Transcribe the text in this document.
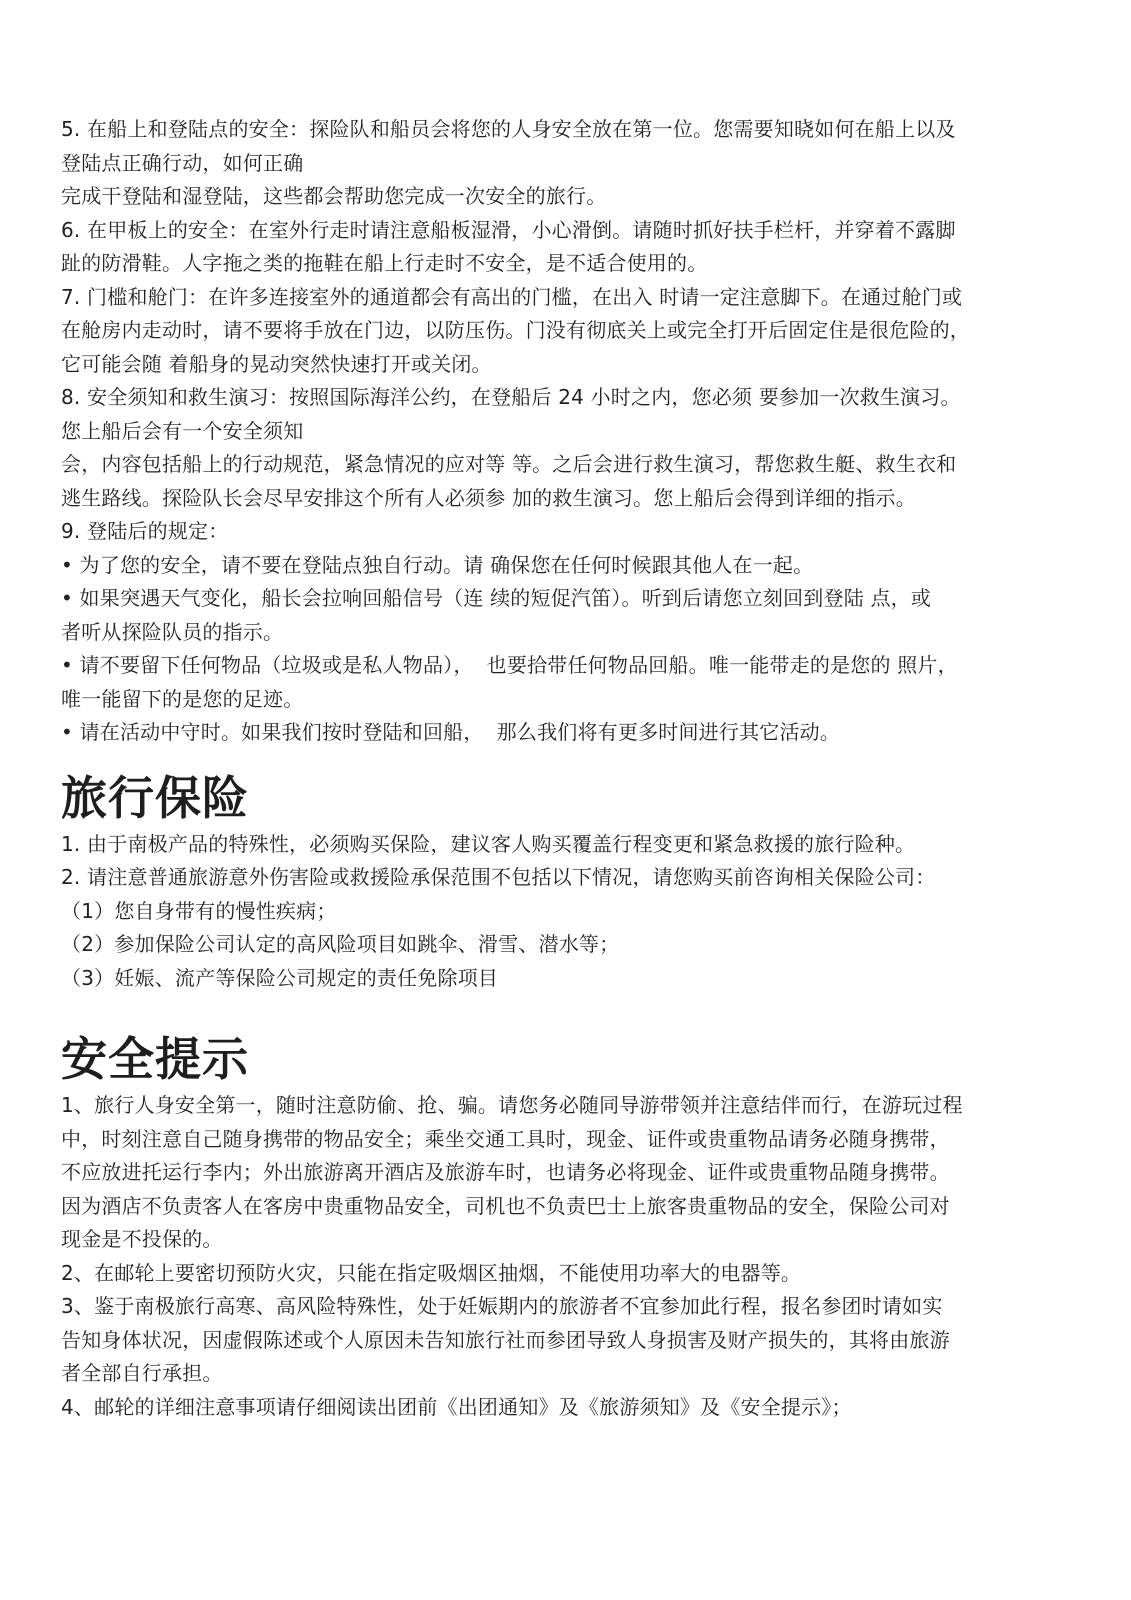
5. 在船上和登陆点的安全：探险队和船员会将您的人身安全放在第一位。您需要知晓如何在船上以及
登陆点正确行动，如何正确
完成干登陆和湿登陆，这些都会帮助您完成一次安全的旅行。
6. 在甲板上的安全：在室外行走时请注意船板湿滑，小心滑倒。请随时抓好扶手栏杆，并穿着不露脚
趾的防滑鞋。人字拖之类的拖鞋在船上行走时不安全，是不适合使用的。
7. 门槛和舱门：在许多连接室外的通道都会有高出的门槛，在出入 时请一定注意脚下。在通过舱门或
在舱房内走动时，请不要将手放在门边，以防压伤。门没有彻底关上或完全打开后固定住是很危险的，
它可能会随 着船身的晃动突然快速打开或关闭。
8. 安全须知和救生演习：按照国际海洋公约，在登船后 24 小时之内，您必须 要参加一次救生演习。
您上船后会有一个安全须知
会，内容包括船上的行动规范，紧急情况的应对等 等。之后会进行救生演习，帮您救生艇、救生衣和
逃生路线。探险队长会尽早安排这个所有人必须参 加的救生演习。您上船后会得到详细的指示。
9. 登陆后的规定：
• 为了您的安全，请不要在登陆点独自行动。请 确保您在任何时候跟其他人在一起。
• 如果突遇天气变化，船长会拉响回船信号（连 续的短促汽笛）。听到后请您立刻回到登陆 点，或
者听从探险队员的指示。
• 请不要留下任何物品（垃圾或是私人物品），  也要拾带任何物品回船。唯一能带走的是您的 照片，
唯一能留下的是您的足迹。
• 请在活动中守时。如果我们按时登陆和回船，  那么我们将有更多时间进行其它活动。
旅行保险
1. 由于南极产品的特殊性，必须购买保险，建议客人购买覆盖行程变更和紧急救援的旅行险种。
2. 请注意普通旅游意外伤害险或救援险承保范围不包括以下情况，请您购买前咨询相关保险公司：
（1）您自身带有的慢性疾病；
（2）参加保险公司认定的高风险项目如跳伞、滑雪、潜水等；
（3）妊娠、流产等保险公司规定的责任免除项目
安全提示
1、旅行人身安全第一，随时注意防偷、抢、骗。请您务必随同导游带领并注意结伴而行，在游玩过程
中，时刻注意自己随身携带的物品安全；乘坐交通工具时，现金、证件或贵重物品请务必随身携带，
不应放进托运行李内；外出旅游离开酒店及旅游车时，也请务必将现金、证件或贵重物品随身携带。
因为酒店不负责客人在客房中贵重物品安全，司机也不负责巴士上旅客贵重物品的安全，保险公司对
现金是不投保的。
2、在邮轮上要密切预防火灾，只能在指定吸烟区抽烟，不能使用功率大的电器等。
3、鉴于南极旅行高寒、高风险特殊性，处于妊娠期内的旅游者不宜参加此行程，报名参团时请如实
告知身体状况，因虚假陈述或个人原因未告知旅行社而参团导致人身损害及财产损失的，其将由旅游
者全部自行承担。
4、邮轮的详细注意事项请仔细阅读出团前《出团通知》及《旅游须知》及《安全提示》；
